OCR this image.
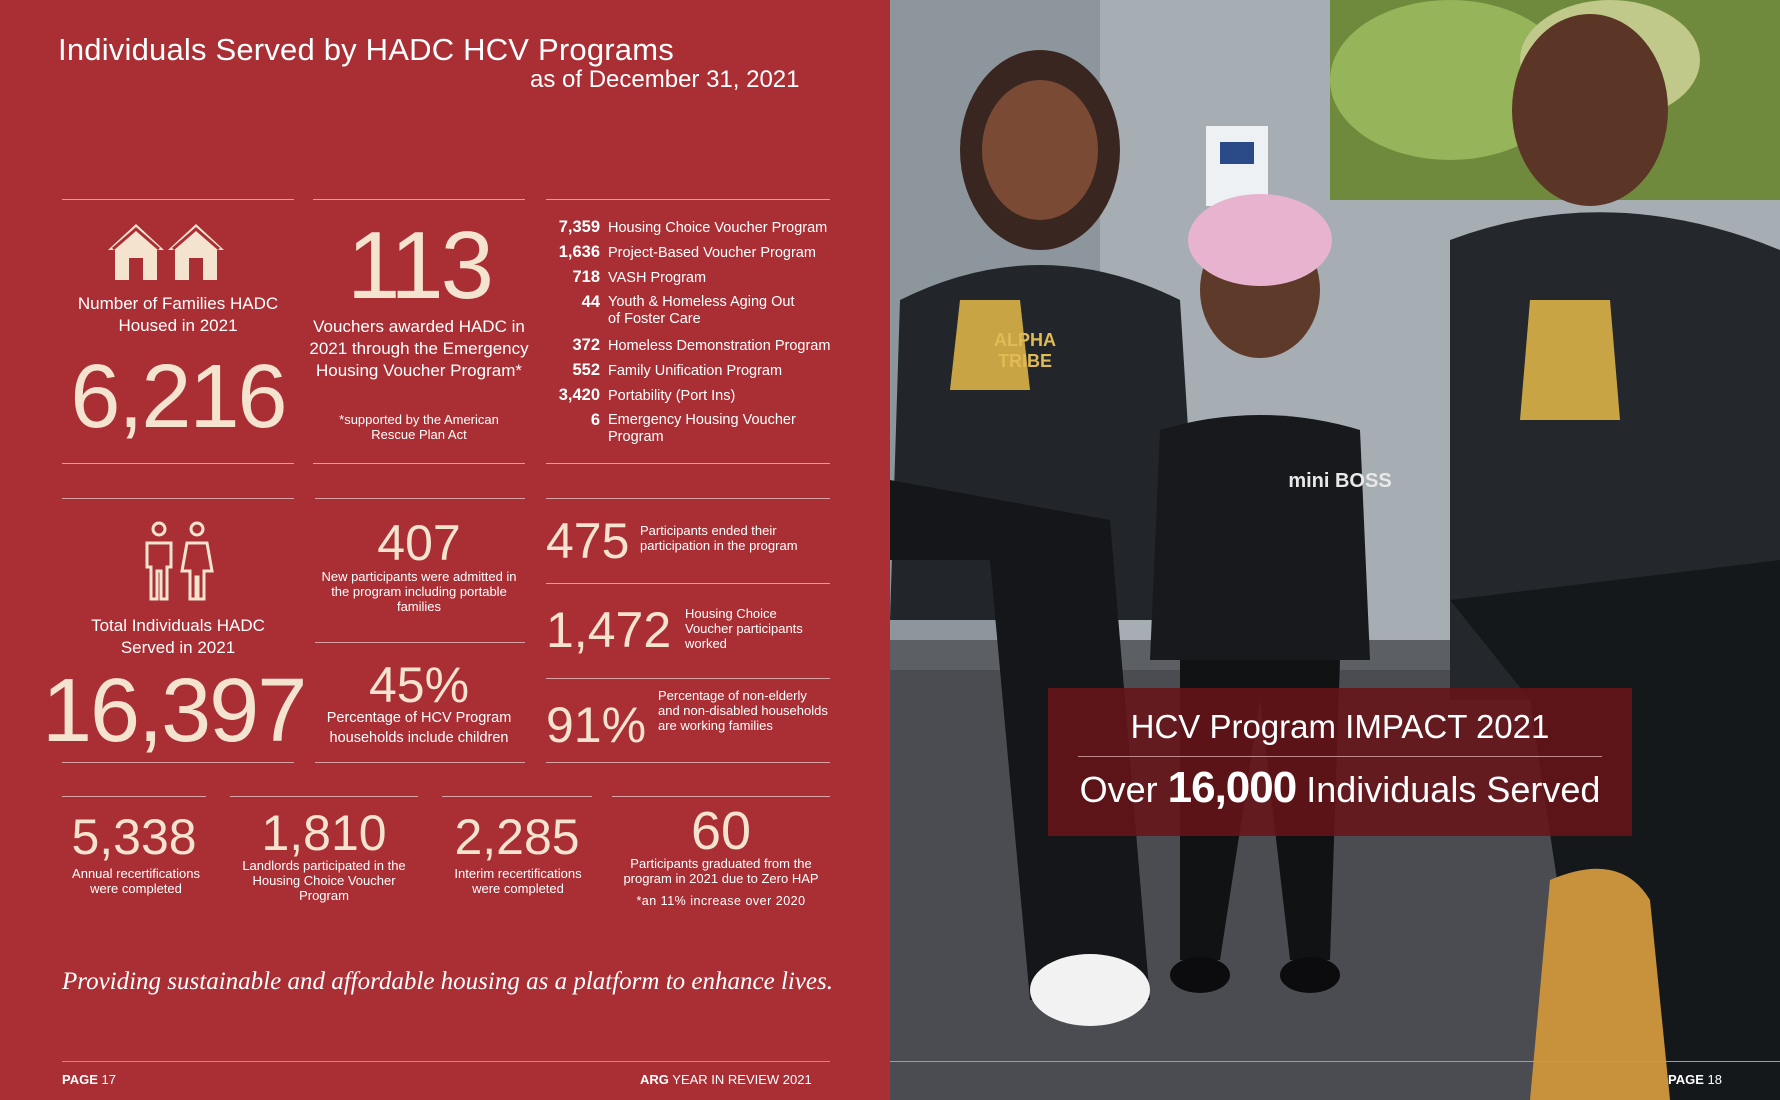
Individuals Served by HADC HCV Programs
as of December 31, 2021
Number of Families HADC Housed in 2021
6,216
113
Vouchers awarded HADC in 2021 through the Emergency Housing Voucher Program*
*supported by the American Rescue Plan Act
7,359 Housing Choice Voucher Program
1,636 Project-Based Voucher Program
718 VASH Program
44 Youth & Homeless Aging Out of Foster Care
372 Homeless Demonstration Program
552 Family Unification Program
3,420 Portability (Port Ins)
6 Emergency Housing Voucher Program
Total Individuals HADC Served in 2021
16,397
407
New participants were admitted in the program including portable families
45%
Percentage of HCV Program households include children
475 Participants ended their participation in the program
1,472 Housing Choice Voucher participants worked
91%
Percentage of non-elderly and non-disabled households are working families
5,338
Annual recertifications were completed
1,810
Landlords participated in the Housing Choice Voucher Program
2,285
Interim recertifications were completed
60
Participants graduated from the program in 2021 due to Zero HAP
*an 11% increase over 2020
Providing sustainable and affordable housing as a platform to enhance lives.
PAGE 17	ARG YEAR IN REVIEW 2021
HCV Program IMPACT 2021
Over 16,000 Individuals Served
mini BOSS
ALPHA TRIBE
PAGE 18
